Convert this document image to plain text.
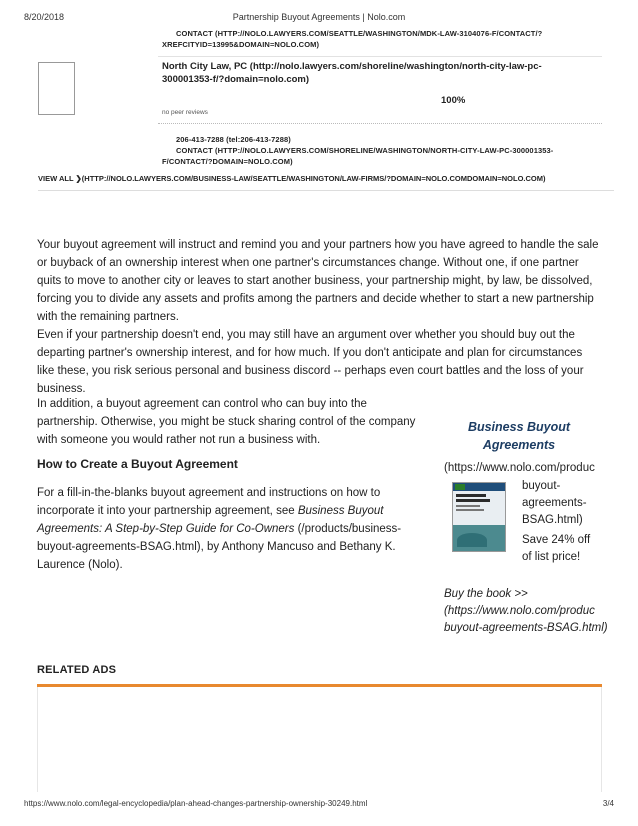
8/20/2018	Partnership Buyout Agreements | Nolo.com
CONTACT (HTTP://NOLO.LAWYERS.COM/SEATTLE/WASHINGTON/MDK-LAW-3104076-F/CONTACT/?
XREFCITYID=13995&DOMAIN=NOLO.COM)
North City Law, PC (http://nolo.lawyers.com/shoreline/washington/north-city-law-pc-
300001353-f/?domain=nolo.com)
100%
no peer reviews
206-413-7288 (tel:206-413-7288)
CONTACT (HTTP://NOLO.LAWYERS.COM/SHORELINE/WASHINGTON/NORTH-CITY-LAW-PC-300001353-
F/CONTACT/?DOMAIN=NOLO.COM)
VIEW ALL ❯(HTTP://NOLO.LAWYERS.COM/BUSINESS-LAW/SEATTLE/WASHINGTON/LAW-FIRMS/?DOMAIN=NOLO.COMDOMAIN=NOLO.COM)

Your buyout agreement will instruct and remind you and your partners how you have agreed to handle the sale or buyback of an ownership interest when one partner's circumstances change. Without one, if one partner quits to move to another city or leaves to start another business, your partnership might, by law, be dissolved, forcing you to divide any assets and profits among the partners and decide whether to start a new partnership with the remaining partners.

Even if your partnership doesn't end, you may still have an argument over whether you should buy out the departing partner's ownership interest, and for how much. If you don't anticipate and plan for circumstances like these, you risk serious personal and business discord -- perhaps even court battles and the loss of your business.

In addition, a buyout agreement can control who can buy into the partnership. Otherwise, you might be stuck sharing control of the company with someone you would rather not run a business with.

How to Create a Buyout Agreement

For a fill-in-the-blanks buyout agreement and instructions on how to incorporate it into your partnership agreement, see Business Buyout Agreements: A Step-by-Step Guide for Co-Owners (/products/business-buyout-agreements-BSAG.html), by Anthony Mancuso and Bethany K. Laurence (Nolo).

Business Buyout Agreements
(https://www.nolo.com/produc
buyout-agreements-BSAG.html)
Save 24% off of list price!
Buy the book >> (https://www.nolo.com/produc buyout-agreements-BSAG.html)
RELATED ADS
https://www.nolo.com/legal-encyclopedia/plan-ahead-changes-partnership-ownership-30249.html	3/4
